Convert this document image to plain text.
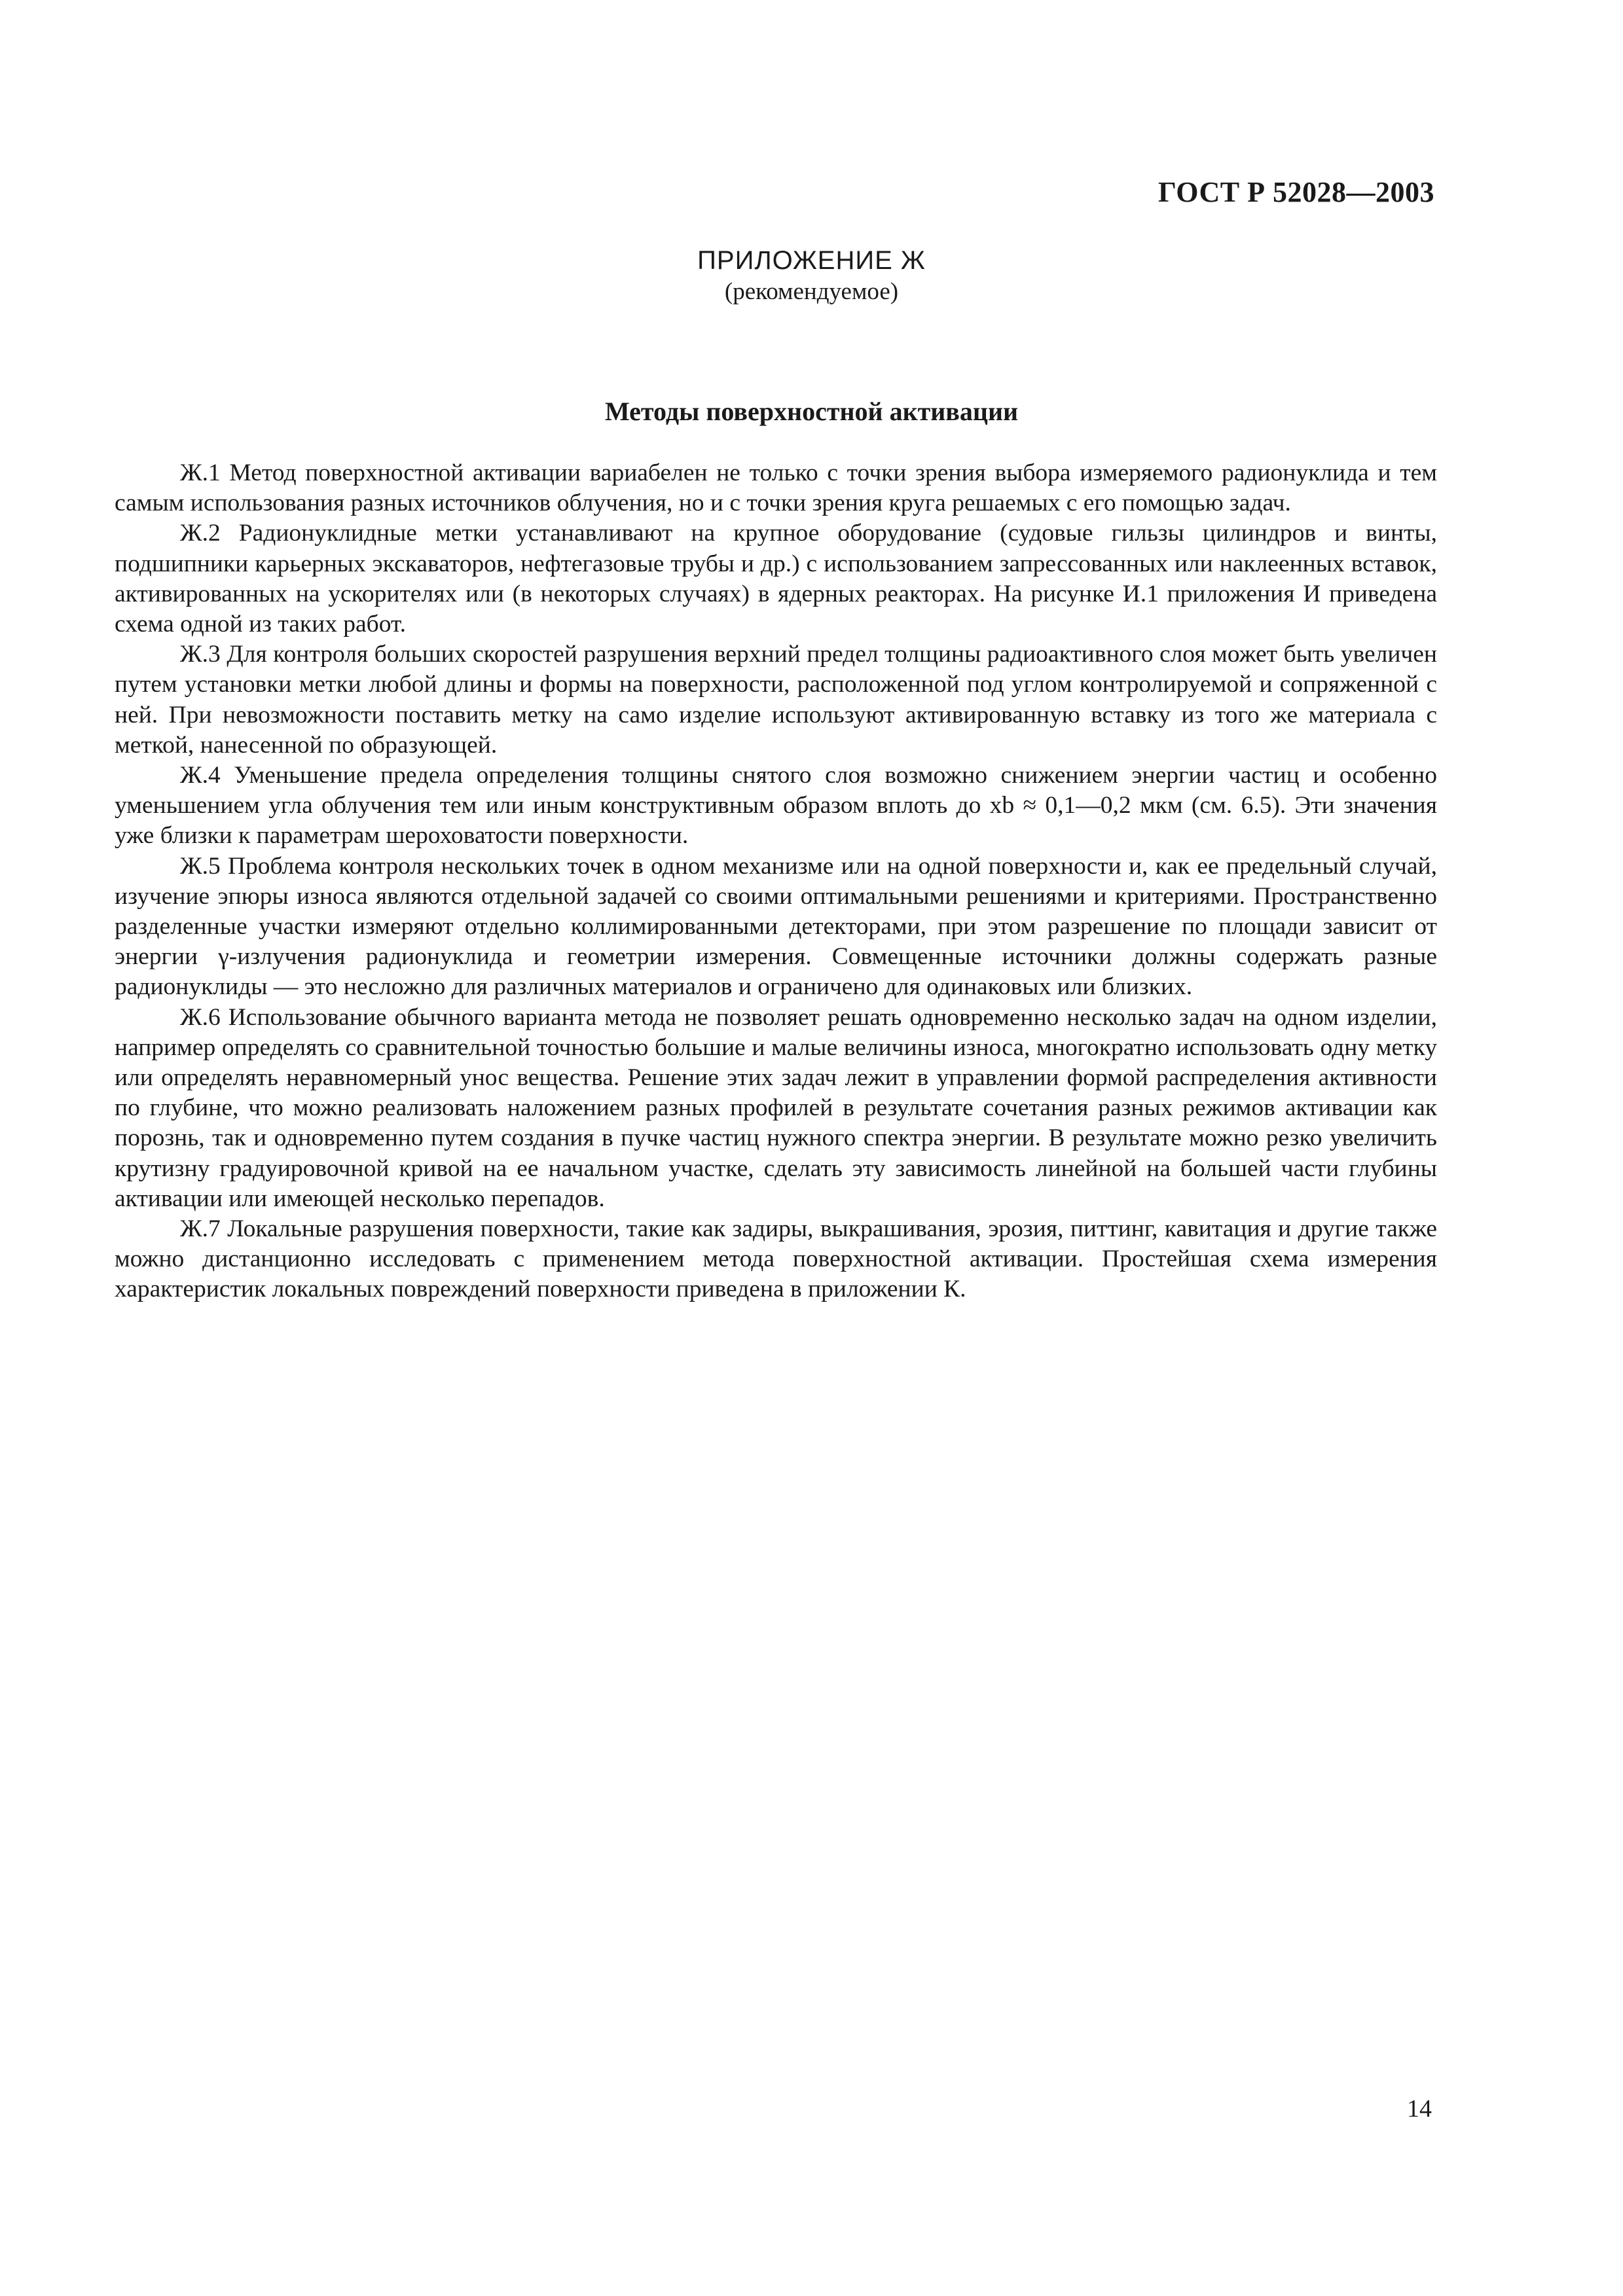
ГОСТ Р 52028—2003
ПРИЛОЖЕНИЕ Ж
(рекомендуемое)
Методы поверхностной активации

Ж.1 Метод поверхностной активации вариабелен не только с точки зрения выбора измеряемого радионуклида и тем самым использования разных источников облучения, но и с точки зрения круга решаемых с его помощью задач.

Ж.2 Радионуклидные метки устанавливают на крупное оборудование (судовые гильзы цилиндров и винты, подшипники карьерных экскаваторов, нефтегазовые трубы и др.) с использованием запрессованных или наклеенных вставок, активированных на ускорителях или (в некоторых случаях) в ядерных реакторах. На рисунке И.1 приложения И приведена схема одной из таких работ.

Ж.3 Для контроля больших скоростей разрушения верхний предел толщины радиоактивного слоя может быть увеличен путем установки метки любой длины и формы на поверхности, расположенной под углом контролируемой и сопряженной с ней. При невозможности поставить метку на само изделие используют активированную вставку из того же материала с меткой, нанесенной по образующей.

Ж.4 Уменьшение предела определения толщины снятого слоя возможно снижением энергии частиц и особенно уменьшением угла облучения тем или иным конструктивным образом вплоть до xb ≈ 0,1—0,2 мкм (см. 6.5). Эти значения уже близки к параметрам шероховатости поверхности.

Ж.5 Проблема контроля нескольких точек в одном механизме или на одной поверхности и, как ее предельный случай, изучение эпюры износа являются отдельной задачей со своими оптимальными решениями и критериями. Пространственно разделенные участки измеряют отдельно коллимированными детекторами, при этом разрешение по площади зависит от энергии γ-излучения радионуклида и геометрии измерения. Совмещенные источники должны содержать разные радионуклиды — это несложно для различных материалов и ограничено для одинаковых или близких.

Ж.6 Использование обычного варианта метода не позволяет решать одновременно несколько задач на одном изделии, например определять со сравнительной точностью большие и малые величины износа, многократно использовать одну метку или определять неравномерный унос вещества. Решение этих задач лежит в управлении формой распределения активности по глубине, что можно реализовать наложением разных профилей в результате сочетания разных режимов активации как порознь, так и одновременно путем создания в пучке частиц нужного спектра энергии. В результате можно резко увеличить крутизну градуировочной кривой на ее начальном участке, сделать эту зависимость линейной на большей части глубины активации или имеющей несколько перепадов.

Ж.7 Локальные разрушения поверхности, такие как задиры, выкрашивания, эрозия, питтинг, кавитация и другие также можно дистанционно исследовать с применением метода поверхностной активации. Простейшая схема измерения характеристик локальных повреждений поверхности приведена в приложении К.

14
